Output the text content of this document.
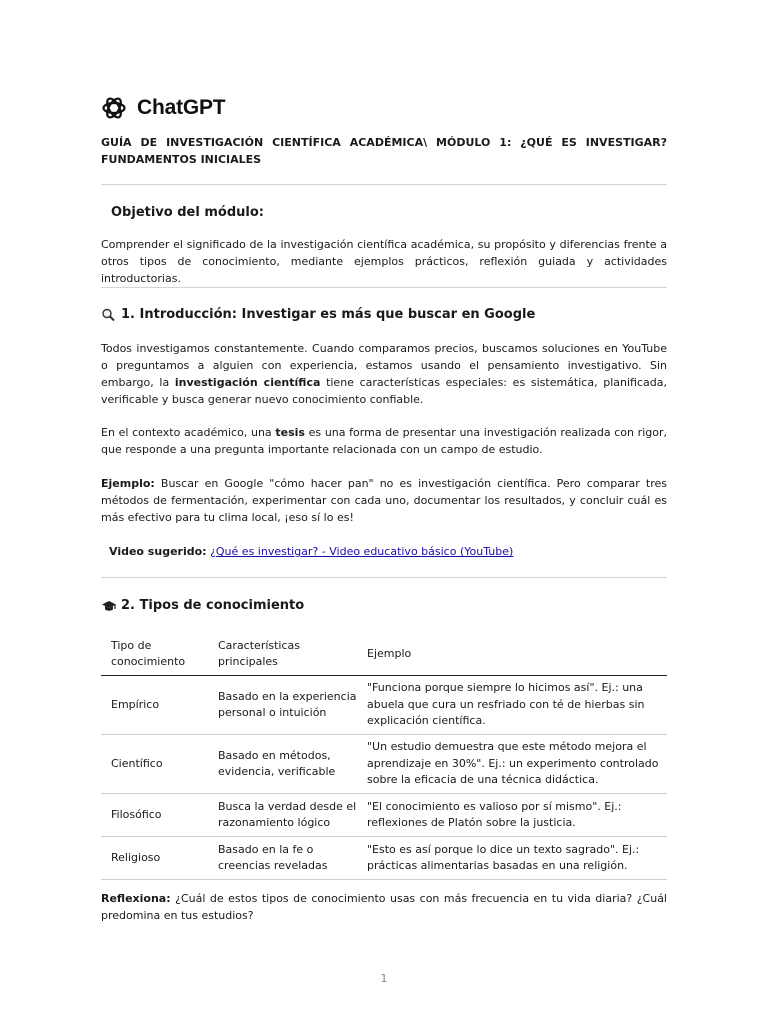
ChatGPT
GUÍA DE INVESTIGACIÓN CIENTÍFICA ACADÉMICA\ MÓDULO 1: ¿QUÉ ES INVESTIGAR? FUNDAMENTOS INICIALES
Objetivo del módulo:
Comprender el significado de la investigación científica académica, su propósito y diferencias frente a otros tipos de conocimiento, mediante ejemplos prácticos, reflexión guiada y actividades introductorias.
1. Introducción: Investigar es más que buscar en Google
Todos investigamos constantemente. Cuando comparamos precios, buscamos soluciones en YouTube o preguntamos a alguien con experiencia, estamos usando el pensamiento investigativo. Sin embargo, la investigación científica tiene características especiales: es sistemática, planificada, verificable y busca generar nuevo conocimiento confiable.
En el contexto académico, una tesis es una forma de presentar una investigación realizada con rigor, que responde a una pregunta importante relacionada con un campo de estudio.
Ejemplo: Buscar en Google "cómo hacer pan" no es investigación científica. Pero comparar tres métodos de fermentación, experimentar con cada uno, documentar los resultados, y concluir cuál es más efectivo para tu clima local, ¡eso sí lo es!
Video sugerido: ¿Qué es investigar? - Video educativo básico (YouTube)
2. Tipos de conocimiento
Tipo de conocimiento	Características principales	Ejemplo
Empírico	Basado en la experiencia personal o intuición	"Funciona porque siempre lo hicimos así". Ej.: una abuela que cura un resfriado con té de hierbas sin explicación científica.
Científico	Basado en métodos, evidencia, verificable	"Un estudio demuestra que este método mejora el aprendizaje en 30%". Ej.: un experimento controlado sobre la eficacia de una técnica didáctica.
Filosófico	Busca la verdad desde el razonamiento lógico	"El conocimiento es valioso por sí mismo". Ej.: reflexiones de Platón sobre la justicia.
Religioso	Basado en la fe o creencias reveladas	"Esto es así porque lo dice un texto sagrado". Ej.: prácticas alimentarias basadas en una religión.
Reflexiona: ¿Cuál de estos tipos de conocimiento usas con más frecuencia en tu vida diaria? ¿Cuál predomina en tus estudios?
1
